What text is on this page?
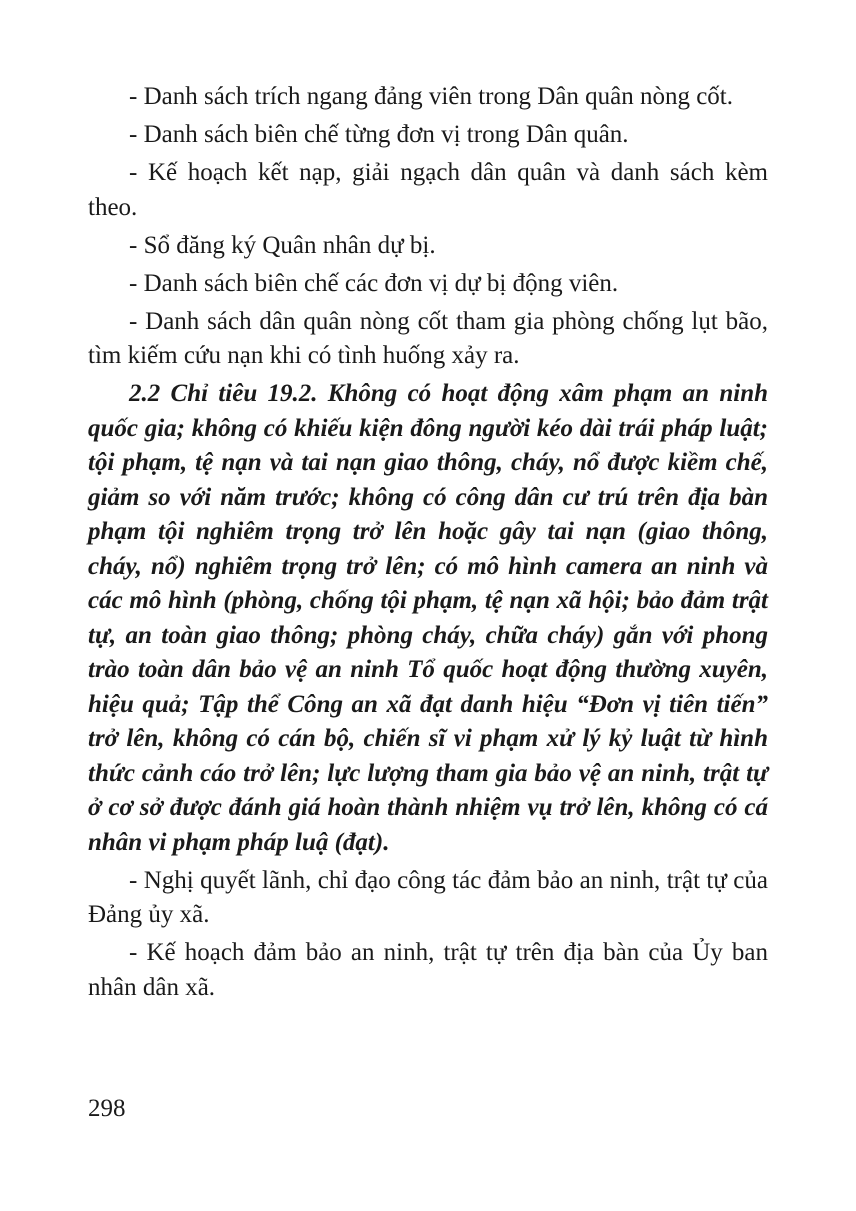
- Danh sách trích ngang đảng viên trong Dân quân nòng cốt.

- Danh sách biên chế từng đơn vị trong Dân quân.

- Kế hoạch kết nạp, giải ngạch dân quân và danh sách kèm theo.

- Sổ đăng ký Quân nhân dự bị.

- Danh sách biên chế các đơn vị dự bị động viên.

- Danh sách dân quân nòng cốt tham gia phòng chống lụt bão, tìm kiếm cứu nạn khi có tình huống xảy ra.

2.2 Chỉ tiêu 19.2. Không có hoạt động xâm phạm an ninh quốc gia; không có khiếu kiện đông người kéo dài trái pháp luật; tội phạm, tệ nạn và tai nạn giao thông, cháy, nổ được kiềm chế, giảm so với năm trước; không có công dân cư trú trên địa bàn phạm tội nghiêm trọng trở lên hoặc gây tai nạn (giao thông, cháy, nổ) nghiêm trọng trở lên; có mô hình camera an ninh và các mô hình (phòng, chống tội phạm, tệ nạn xã hội; bảo đảm trật tự, an toàn giao thông; phòng cháy, chữa cháy) gắn với phong trào toàn dân bảo vệ an ninh Tổ quốc hoạt động thường xuyên, hiệu quả; Tập thể Công an xã đạt danh hiệu “Đơn vị tiên tiến” trở lên, không có cán bộ, chiến sĩ vi phạm xử lý kỷ luật từ hình thức cảnh cáo trở lên; lực lượng tham gia bảo vệ an ninh, trật tự ở cơ sở được đánh giá hoàn thành nhiệm vụ trở lên, không có cá nhân vi phạm pháp luậ (đạt).

- Nghị quyết lãnh, chỉ đạo công tác đảm bảo an ninh, trật tự của Đảng ủy xã.

- Kế hoạch đảm bảo an ninh, trật tự trên địa bàn của Ủy ban nhân dân xã.

298
